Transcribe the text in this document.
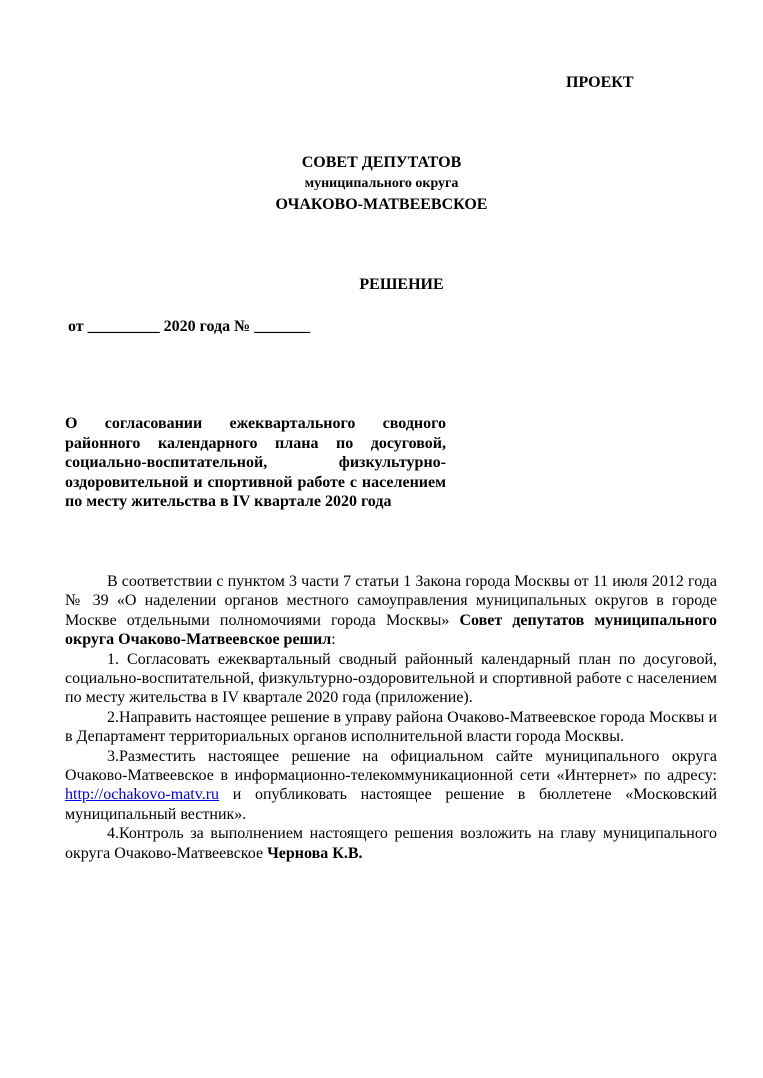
ПРОЕКТ
СОВЕТ ДЕПУТАТОВ
муниципального округа
ОЧАКОВО-МАТВЕЕВСКОЕ
РЕШЕНИЕ
от _________ 2020 года № _______
О согласовании ежеквартального сводного районного календарного плана по досуговой, социально-воспитательной, физкультурно-оздоровительной и спортивной работе с населением по месту жительства в IV квартале 2020 года

В соответствии с пунктом 3 части 7 статьи 1 Закона города Москвы от 11 июля 2012 года № 39 «О наделении органов местного самоуправления муниципальных округов в городе Москве отдельными полномочиями города Москвы» Совет депутатов муниципального округа Очаково-Матвеевское решил:

1. Согласовать ежеквартальный сводный районный календарный план по досуговой, социально-воспитательной, физкультурно-оздоровительной и спортивной работе с населением по месту жительства в IV квартале 2020 года (приложение).

2.Направить настоящее решение в управу района Очаково-Матвеевское города Москвы и в Департамент территориальных органов исполнительной власти города Москвы.

3.Разместить настоящее решение на официальном сайте муниципального округа Очаково-Матвеевское в информационно-телекоммуникационной сети «Интернет» по адресу: http://ochakovo-matv.ru и опубликовать настоящее решение в бюллетене «Московский муниципальный вестник».

4.Контроль за выполнением настоящего решения возложить на главу муниципального округа Очаково-Матвеевское Чернова К.В.
